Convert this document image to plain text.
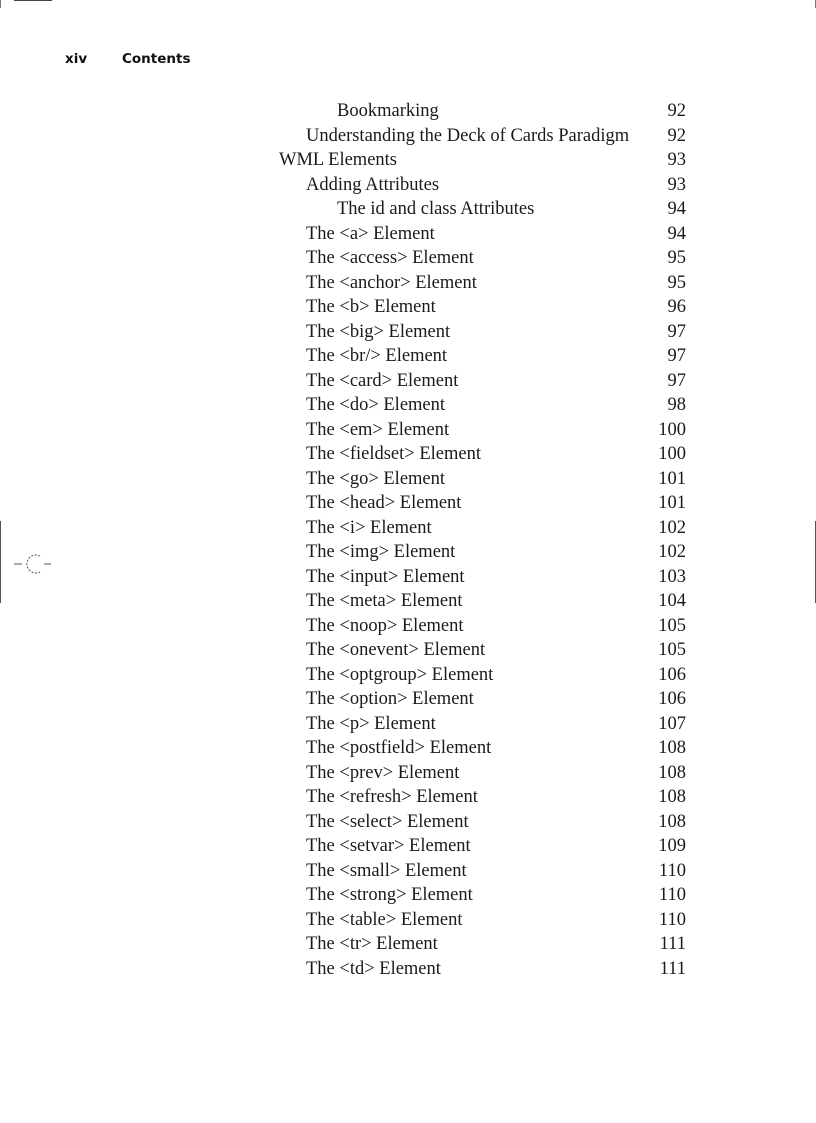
xiv	Contents
Bookmarking	92
Understanding the Deck of Cards Paradigm 92
WML Elements	93
Adding Attributes	93
The id and class Attributes	94
The <a> Element	94
The <access> Element	95
The <anchor> Element	95
The <b> Element	96
The <big> Element	97
The <br/> Element	97
The <card> Element	97
The <do> Element	98
The <em> Element	100
The <fieldset> Element	100
The <go> Element	101
The <head> Element	101
The <i> Element	102
The <img> Element	102
The <input> Element	103
The <meta> Element	104
The <noop> Element	105
The <onevent> Element	105
The <optgroup> Element	106
The <option> Element	106
The <p> Element	107
The <postfield> Element	108
The <prev> Element	108
The <refresh> Element	108
The <select> Element	108
The <setvar> Element	109
The <small> Element	110
The <strong> Element	110
The <table> Element	110
The <tr> Element	111
The <td> Element	111
